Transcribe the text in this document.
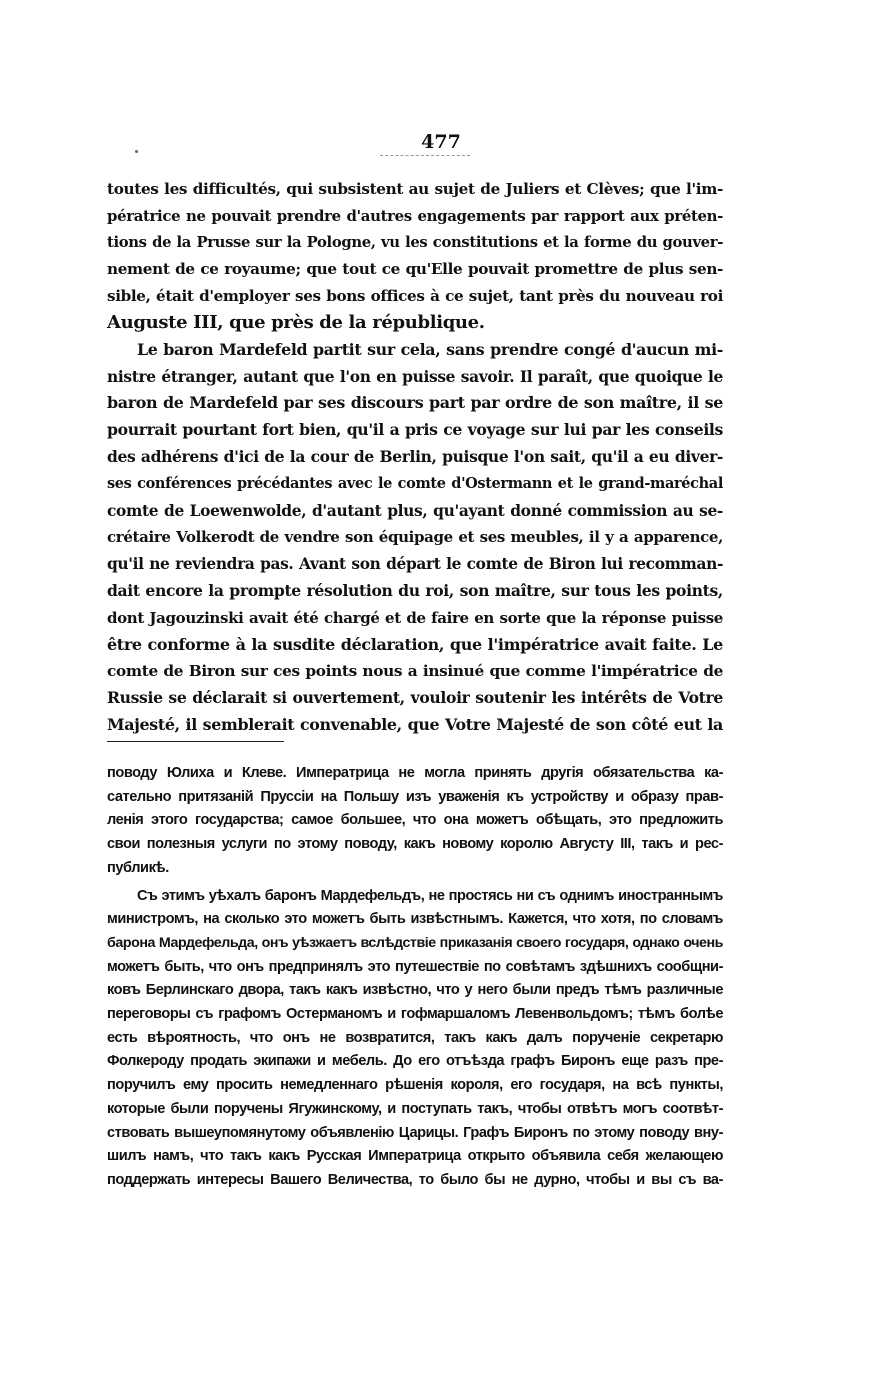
477

toutes les difficultés, qui subsistent au sujet de Juliers et Clèves; que l'im-
pératrice ne pouvait prendre d'autres engagements par rapport aux préten-
tions de la Prusse sur la Pologne, vu les constitutions et la forme du gouver-
nement de ce royaume; que tout ce qu'Elle pouvait promettre de plus sen-
sible, était d'employer ses bons offices à ce sujet, tant près du nouveau roi
Auguste III, que près de la république.

Le baron Mardefeld partit sur cela, sans prendre congé d'aucun mi-
nistre étranger, autant que l'on en puisse savoir. Il paraît, que quoique le
baron de Mardefeld par ses discours part par ordre de son maître, il se
pourrait pourtant fort bien, qu'il a pris ce voyage sur lui par les conseils
des adhérens d'ici de la cour de Berlin, puisque l'on sait, qu'il a eu diver-
ses conférences précédantes avec le comte d'Ostermann et le grand-maréchal
comte de Loewenwolde, d'autant plus, qu'ayant donné commission au se-
crétaire Volkerodt de vendre son équipage et ses meubles, il y a apparence,
qu'il ne reviendra pas. Avant son départ le comte de Biron lui recomman-
dait encore la prompte résolution du roi, son maître, sur tous les points,
dont Jagouzinski avait été chargé et de faire en sorte que la réponse puisse
être conforme à la susdite déclaration, que l'impératrice avait faite. Le
comte de Biron sur ces points nous a insinué que comme l'impératrice de
Russie se déclarait si ouvertement, vouloir soutenir les intérêts de Votre
Majesté, il semblerait convenable, que Votre Majesté de son côté eut la

поводу Юлиха и Клеве. Императрица не могла принять другія обязательства ка-
сательно притязаній Пруссіи на Польшу изъ уваженія къ устройству и образу прав-
ленія этого государства; самое большее, что она можетъ обѣщать, это предложить
свои полезныя услуги по этому поводу, какъ новому королю Августу III, такъ и рес-
публикѣ.

Съ этимъ уѣхалъ баронъ Мардефельдъ, не простясь ни съ однимъ иностраннымъ
министромъ, на сколько это можетъ быть извѣстнымъ. Кажется, что хотя, по словамъ
барона Мардефельда, онъ уѣзжаетъ вслѣдствіе приказанія своего государя, однако очень
можетъ быть, что онъ предпринялъ это путешествіе по совѣтамъ здѣшнихъ сообщни-
ковъ Берлинскаго двора, такъ какъ извѣстно, что у него были предъ тѣмъ различные
переговоры съ графомъ Остерманомъ и гофмаршаломъ Левенвольдомъ; тѣмъ болѣе
есть вѣроятность, что онъ не возвратится, такъ какъ далъ порученіе секретарю
Фолкероду продать экипажи и мебель. До его отъѣзда графъ Биронъ еще разъ пре-
поручилъ ему просить немедленнаго рѣшенія короля, его государя, на всѣ пункты,
которые были поручены Ягужинскому, и поступать такъ, чтобы отвѣтъ могъ соотвѣт-
ствовать вышеупомянутому объявленію Царицы. Графъ Биронъ по этому поводу вну-
шилъ намъ, что такъ какъ Русская Императрица открыто объявила себя желающею
поддержать интересы Вашего Величества, то было бы не дурно, чтобы и вы съ ва-
